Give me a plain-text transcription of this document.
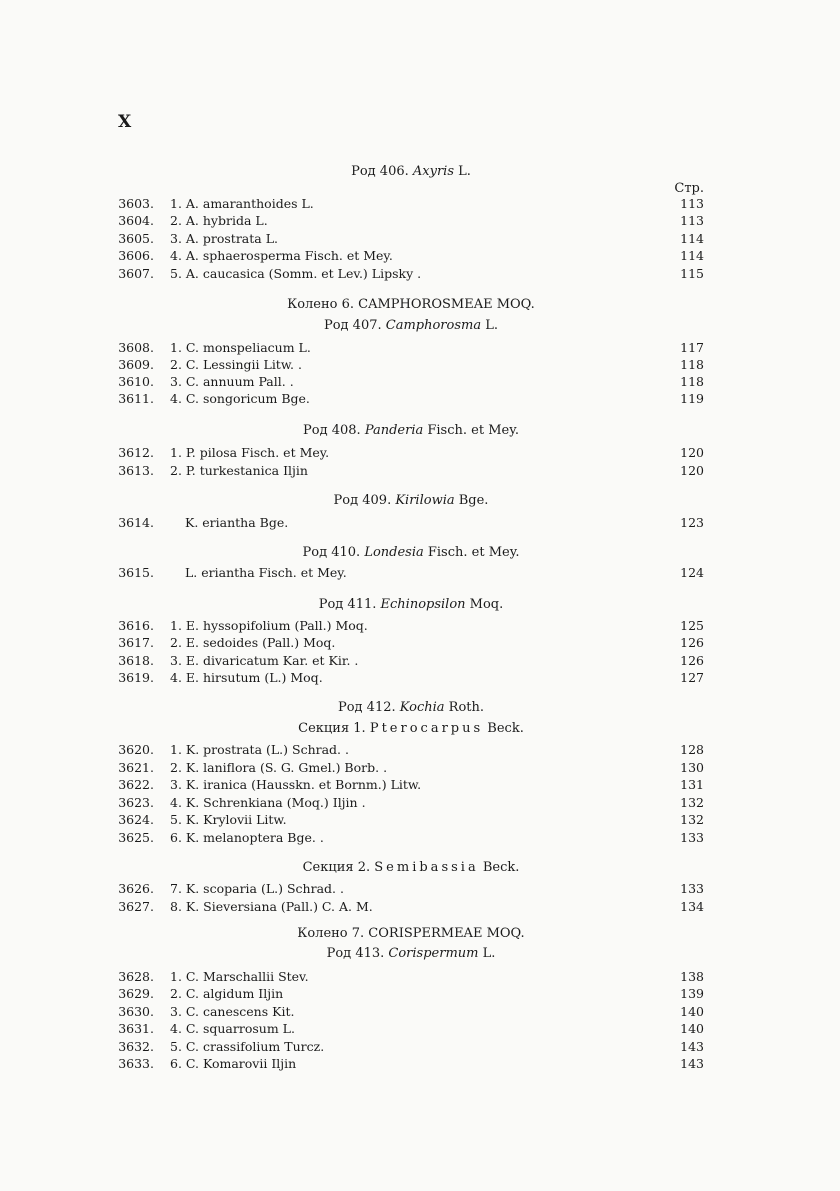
X
Род 406. Axyris L.
Стр.
Колено 6. CAMPHOROSMEAE MOQ.
Род 407. Camphorosma L.
Род 408. Panderia Fisch. et Mey.
Род 409. Kirilowia Bge.
Род 410. Londesia Fisch. et Mey.
Род 411. Echinopsilon Moq.
Род 412. Kochia Roth.
Секция 1. Pterocarpus Beck.
Секция 2. Semibassia Beck.
Колено 7. CORISPERMEAE MOQ.
Род 413. Corispermum L.
3603. 1. A. amaranthoides L.	113
3604. 2. A. hybrida L.	113
3605. 3. A. prostrata L.	114
3606. 4. A. sphaerosperma Fisch. et Mey.	114
3607. 5. A. caucasica (Somm. et Lev.) Lipsky .	115
3608. 1. C. monspeliacum L.	117
3609. 2. C. Lessingii Litw. .	118
3610. 3. C. annuum Pall. .	118
3611. 4. C. songoricum Bge.	119
3612. 1. P. pilosa Fisch. et Mey.	120
3613. 2. P. turkestanica Iljin	120
3614. K. eriantha Bge.	123
3615. L. eriantha Fisch. et Mey.	124
3616. 1. E. hyssopifolium (Pall.) Moq.	125
3617. 2. E. sedoides (Pall.) Moq.	126
3618. 3. E. divaricatum Kar. et Kir. .	126
3619. 4. E. hirsutum (L.) Moq.	127
3620. 1. K. prostrata (L.) Schrad. .	128
3621. 2. K. laniflora (S. G. Gmel.) Borb. .	130
3622. 3. K. iranica (Hausskn. et Bornm.) Litw.	131
3623. 4. K. Schrenkiana (Moq.) Iljin .	132
3624. 5. K. Krylovii Litw.	132
3625. 6. K. melanoptera Bge. .	133
3626. 7. K. scoparia (L.) Schrad. .	133
3627. 8. K. Sieversiana (Pall.) C. A. M.	134
3628. 1. C. Marschallii Stev.	138
3629. 2. C. algidum Iljin	139
3630. 3. C. canescens Kit.	140
3631. 4. C. squarrosum L.	140
3632. 5. C. crassifolium Turcz.	143
3633. 6. C. Komarovii Iljin	143
